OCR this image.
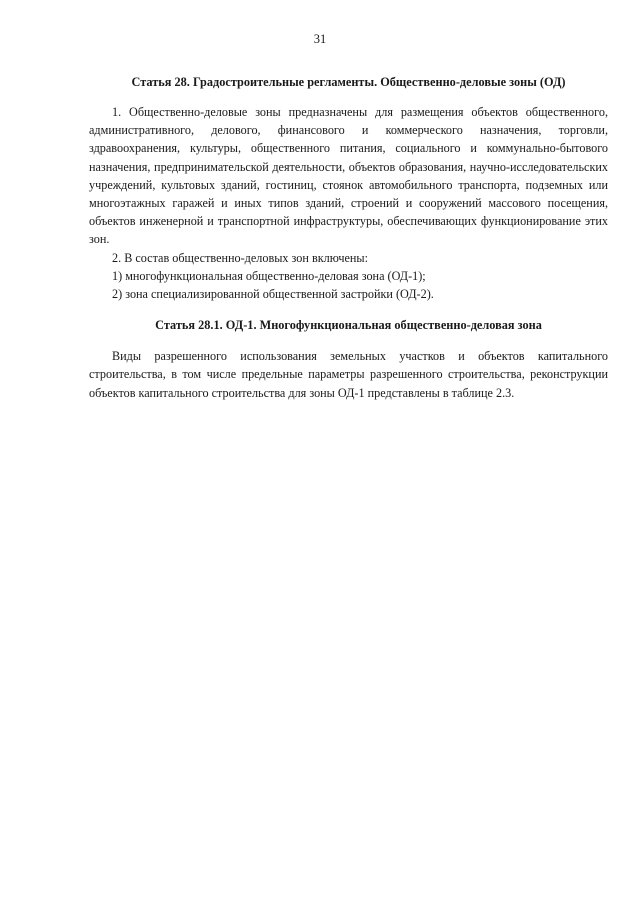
31
Статья 28. Градостроительные регламенты. Общественно-деловые зоны (ОД)

1. Общественно-деловые зоны предназначены для размещения объектов общественного, административного, делового, финансового и коммерческого назначения, торговли, здравоохранения, культуры, общественного питания, социального и коммунально-бытового назначения, предпринимательской деятельности, объектов образования, научно-исследовательских учреждений, культовых зданий, гостиниц, стоянок автомобильного транспорта, подземных или многоэтажных гаражей и иных типов зданий, строений и сооружений массового посещения, объектов инженерной и транспортной инфраструктуры, обеспечивающих функционирование этих зон.

2. В состав общественно-деловых зон включены:

1) многофункциональная общественно-деловая зона (ОД-1);

2) зона специализированной общественной застройки (ОД-2).

Статья 28.1. ОД-1. Многофункциональная общественно-деловая зона

Виды разрешенного использования земельных участков и объектов капитального строительства, в том числе предельные параметры разрешенного строительства, реконструкции объектов капитального строительства для зоны ОД-1 представлены в таблице 2.3.
